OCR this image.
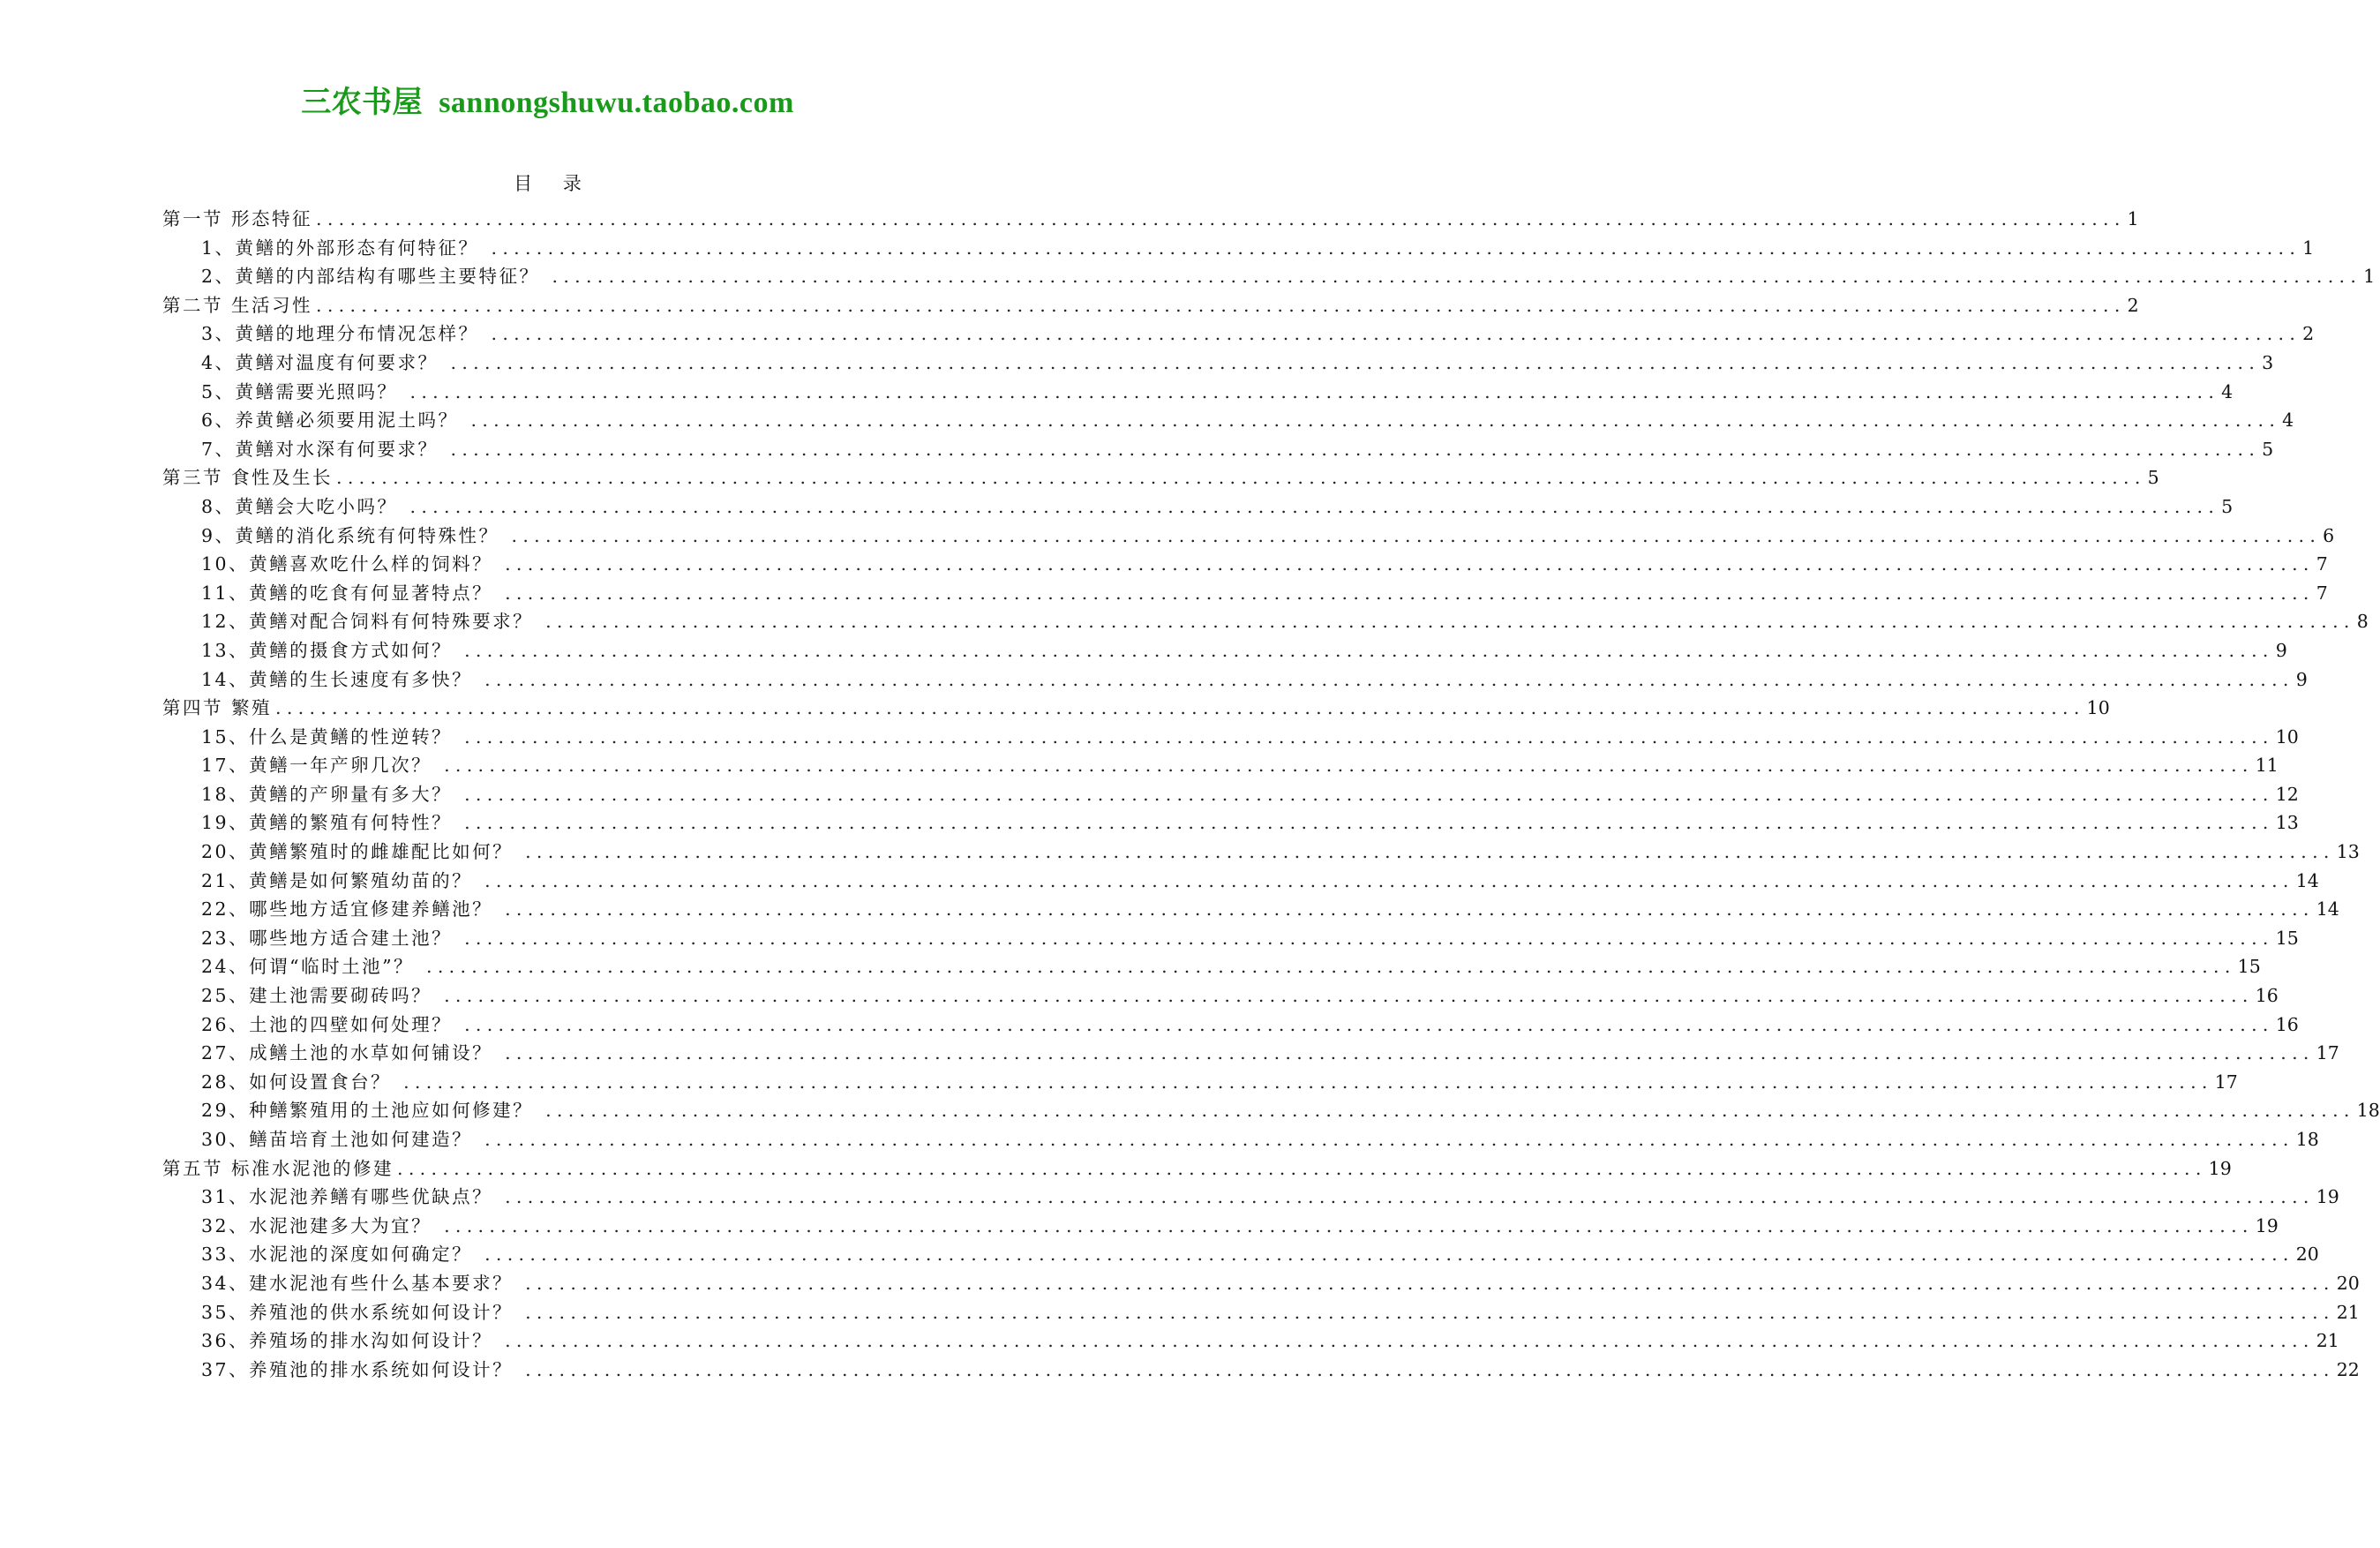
三农书屋 sannongshuwu.taobao.com
目 录
第一节 形态特征 ................................................................................................................................................................ 1
1、黄鳝的外部形态有何特征？ ................................................................................................................................................................ 1
2、黄鳝的内部结构有哪些主要特征？ ................................................................................................................................................................ 1
第二节 生活习性 ................................................................................................................................................................ 2
3、黄鳝的地理分布情况怎样？ ................................................................................................................................................................ 2
4、黄鳝对温度有何要求？ ................................................................................................................................................................ 3
5、黄鳝需要光照吗？ ................................................................................................................................................................ 4
6、养黄鳝必须要用泥土吗？ ................................................................................................................................................................ 4
7、黄鳝对水深有何要求？ ................................................................................................................................................................ 5
第三节 食性及生长 ................................................................................................................................................................ 5
8、黄鳝会大吃小吗？ ................................................................................................................................................................ 5
9、黄鳝的消化系统有何特殊性？ ................................................................................................................................................................ 6
10、黄鳝喜欢吃什么样的饲料？ ................................................................................................................................................................ 7
11、黄鳝的吃食有何显著特点？ ................................................................................................................................................................ 7
12、黄鳝对配合饲料有何特殊要求？ ................................................................................................................................................................ 8
13、黄鳝的摄食方式如何？ ................................................................................................................................................................ 9
14、黄鳝的生长速度有多快？ ................................................................................................................................................................ 9
第四节 繁殖 ................................................................................................................................................................ 10
15、什么是黄鳝的性逆转？ ................................................................................................................................................................ 10
17、黄鳝一年产卵几次？ ................................................................................................................................................................ 11
18、黄鳝的产卵量有多大？ ................................................................................................................................................................ 12
19、黄鳝的繁殖有何特性？ ................................................................................................................................................................ 13
20、黄鳝繁殖时的雌雄配比如何？ ................................................................................................................................................................ 13
21、黄鳝是如何繁殖幼苗的？ ................................................................................................................................................................ 14
22、哪些地方适宜修建养鳝池？ ................................................................................................................................................................ 14
23、哪些地方适合建土池？ ................................................................................................................................................................ 15
24、何谓“临时土池”？ ................................................................................................................................................................ 15
25、建土池需要砌砖吗？ ................................................................................................................................................................ 16
26、土池的四壁如何处理？ ................................................................................................................................................................ 16
27、成鳝土池的水草如何铺设？ ................................................................................................................................................................ 17
28、如何设置食台？ ................................................................................................................................................................ 17
29、种鳝繁殖用的土池应如何修建？ ................................................................................................................................................................ 18
30、鳝苗培育土池如何建造？ ................................................................................................................................................................ 18
第五节 标准水泥池的修建 ................................................................................................................................................................ 19
31、水泥池养鳝有哪些优缺点？ ................................................................................................................................................................ 19
32、水泥池建多大为宜？ ................................................................................................................................................................ 19
33、水泥池的深度如何确定？ ................................................................................................................................................................ 20
34、建水泥池有些什么基本要求？ ................................................................................................................................................................ 20
35、养殖池的供水系统如何设计？ ................................................................................................................................................................ 21
36、养殖场的排水沟如何设计？ ................................................................................................................................................................ 21
37、养殖池的排水系统如何设计？ ................................................................................................................................................................ 22
